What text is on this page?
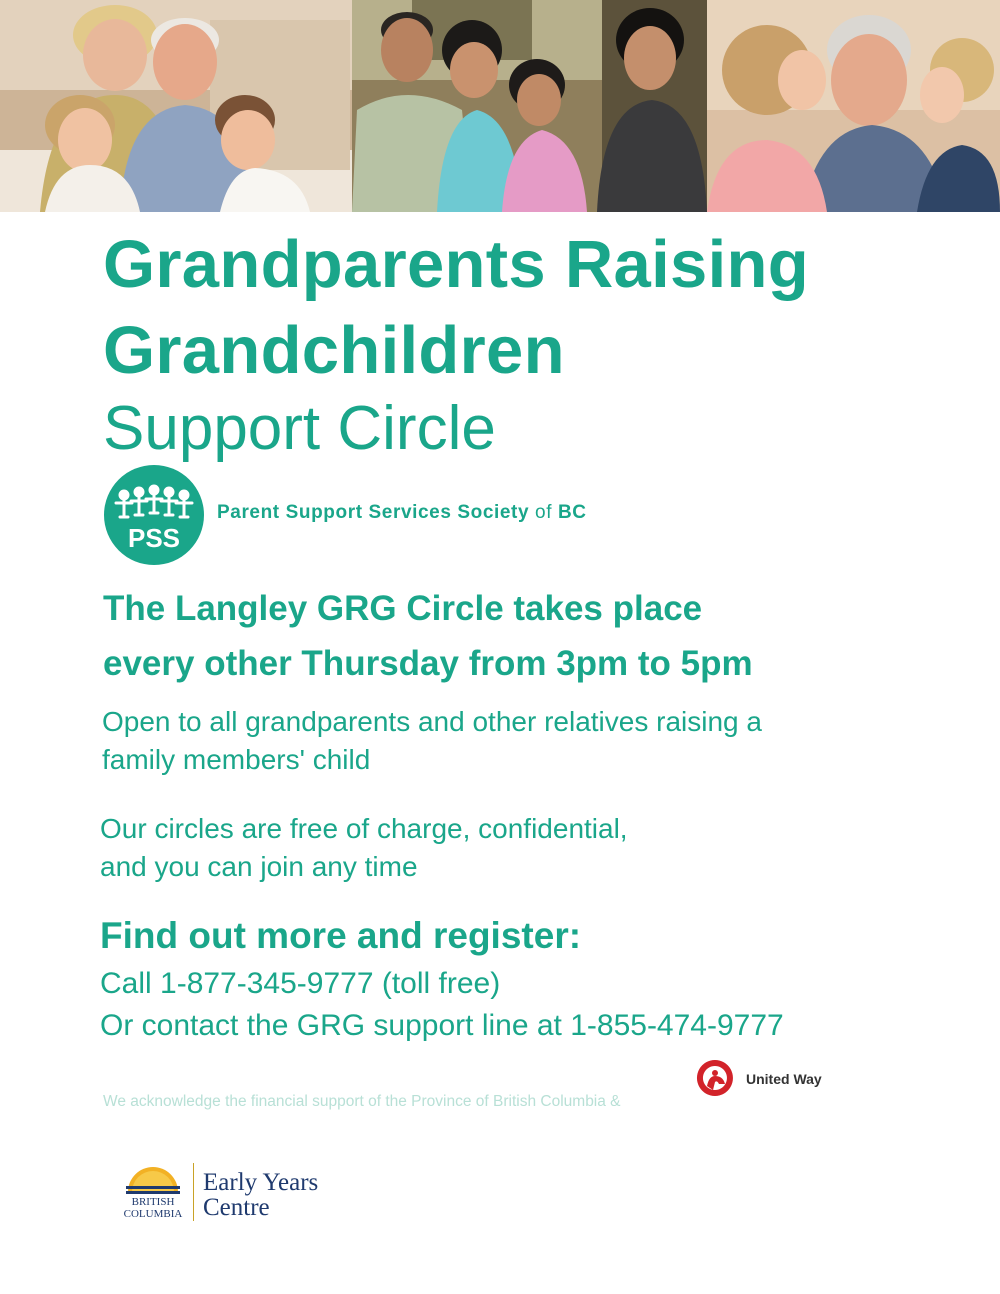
Grandparents Raising
Grandchildren
Support Circle
PSS
Parent Support Services Society of BC
The Langley GRG Circle takes place
every other Thursday from 3pm to 5pm

Open to all grandparents and other relatives raising a
family members' child

Our circles are free of charge, confidential,
and you can join any time

Find out more and register:
Call 1-877-345-9777 (toll free)
Or contact the GRG support line at 1-855-474-9777
We acknowledge the financial support of the Province of British Columbia &
United Way
BRITISH
COLUMBIA
Early Years
Centre
